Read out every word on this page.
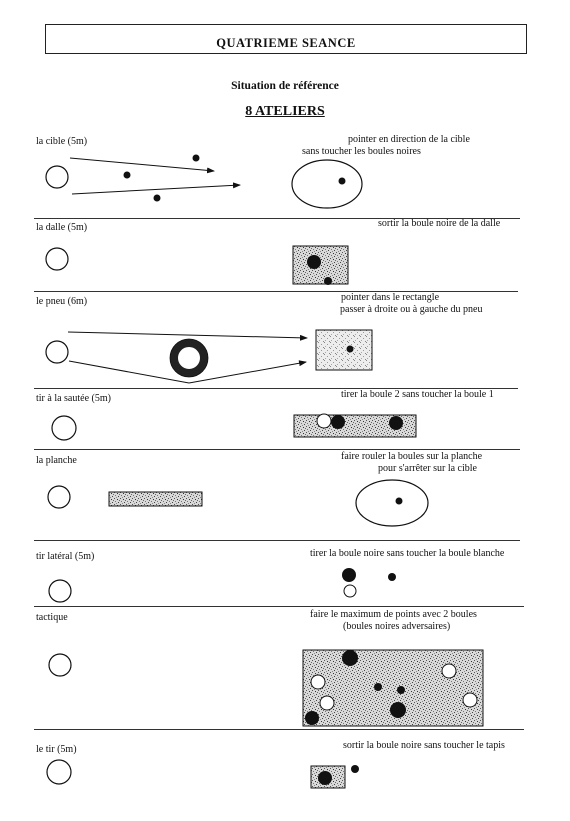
QUATRIEME SEANCE
Situation de référence
8 ATELIERS
la cible (5m)	pointer en direction de la cible
sans toucher les boules noires
la dalle (5m)	sortir la boule noire de la dalle
le pneu (6m)	pointer dans le rectangle
passer à droite ou à gauche du pneu
tir à la sautée (5m)	tirer la boule 2 sans toucher la boule 1
la planche	faire rouler la boules sur la planche
pour s'arrêter sur la cible
tir latéral (5m)	tirer la boule noire sans toucher la boule blanche
tactique	faire le maximum de points avec 2 boules
(boules noires adversaires)
le tir (5m)	sortir la boule noire sans toucher le tapis
